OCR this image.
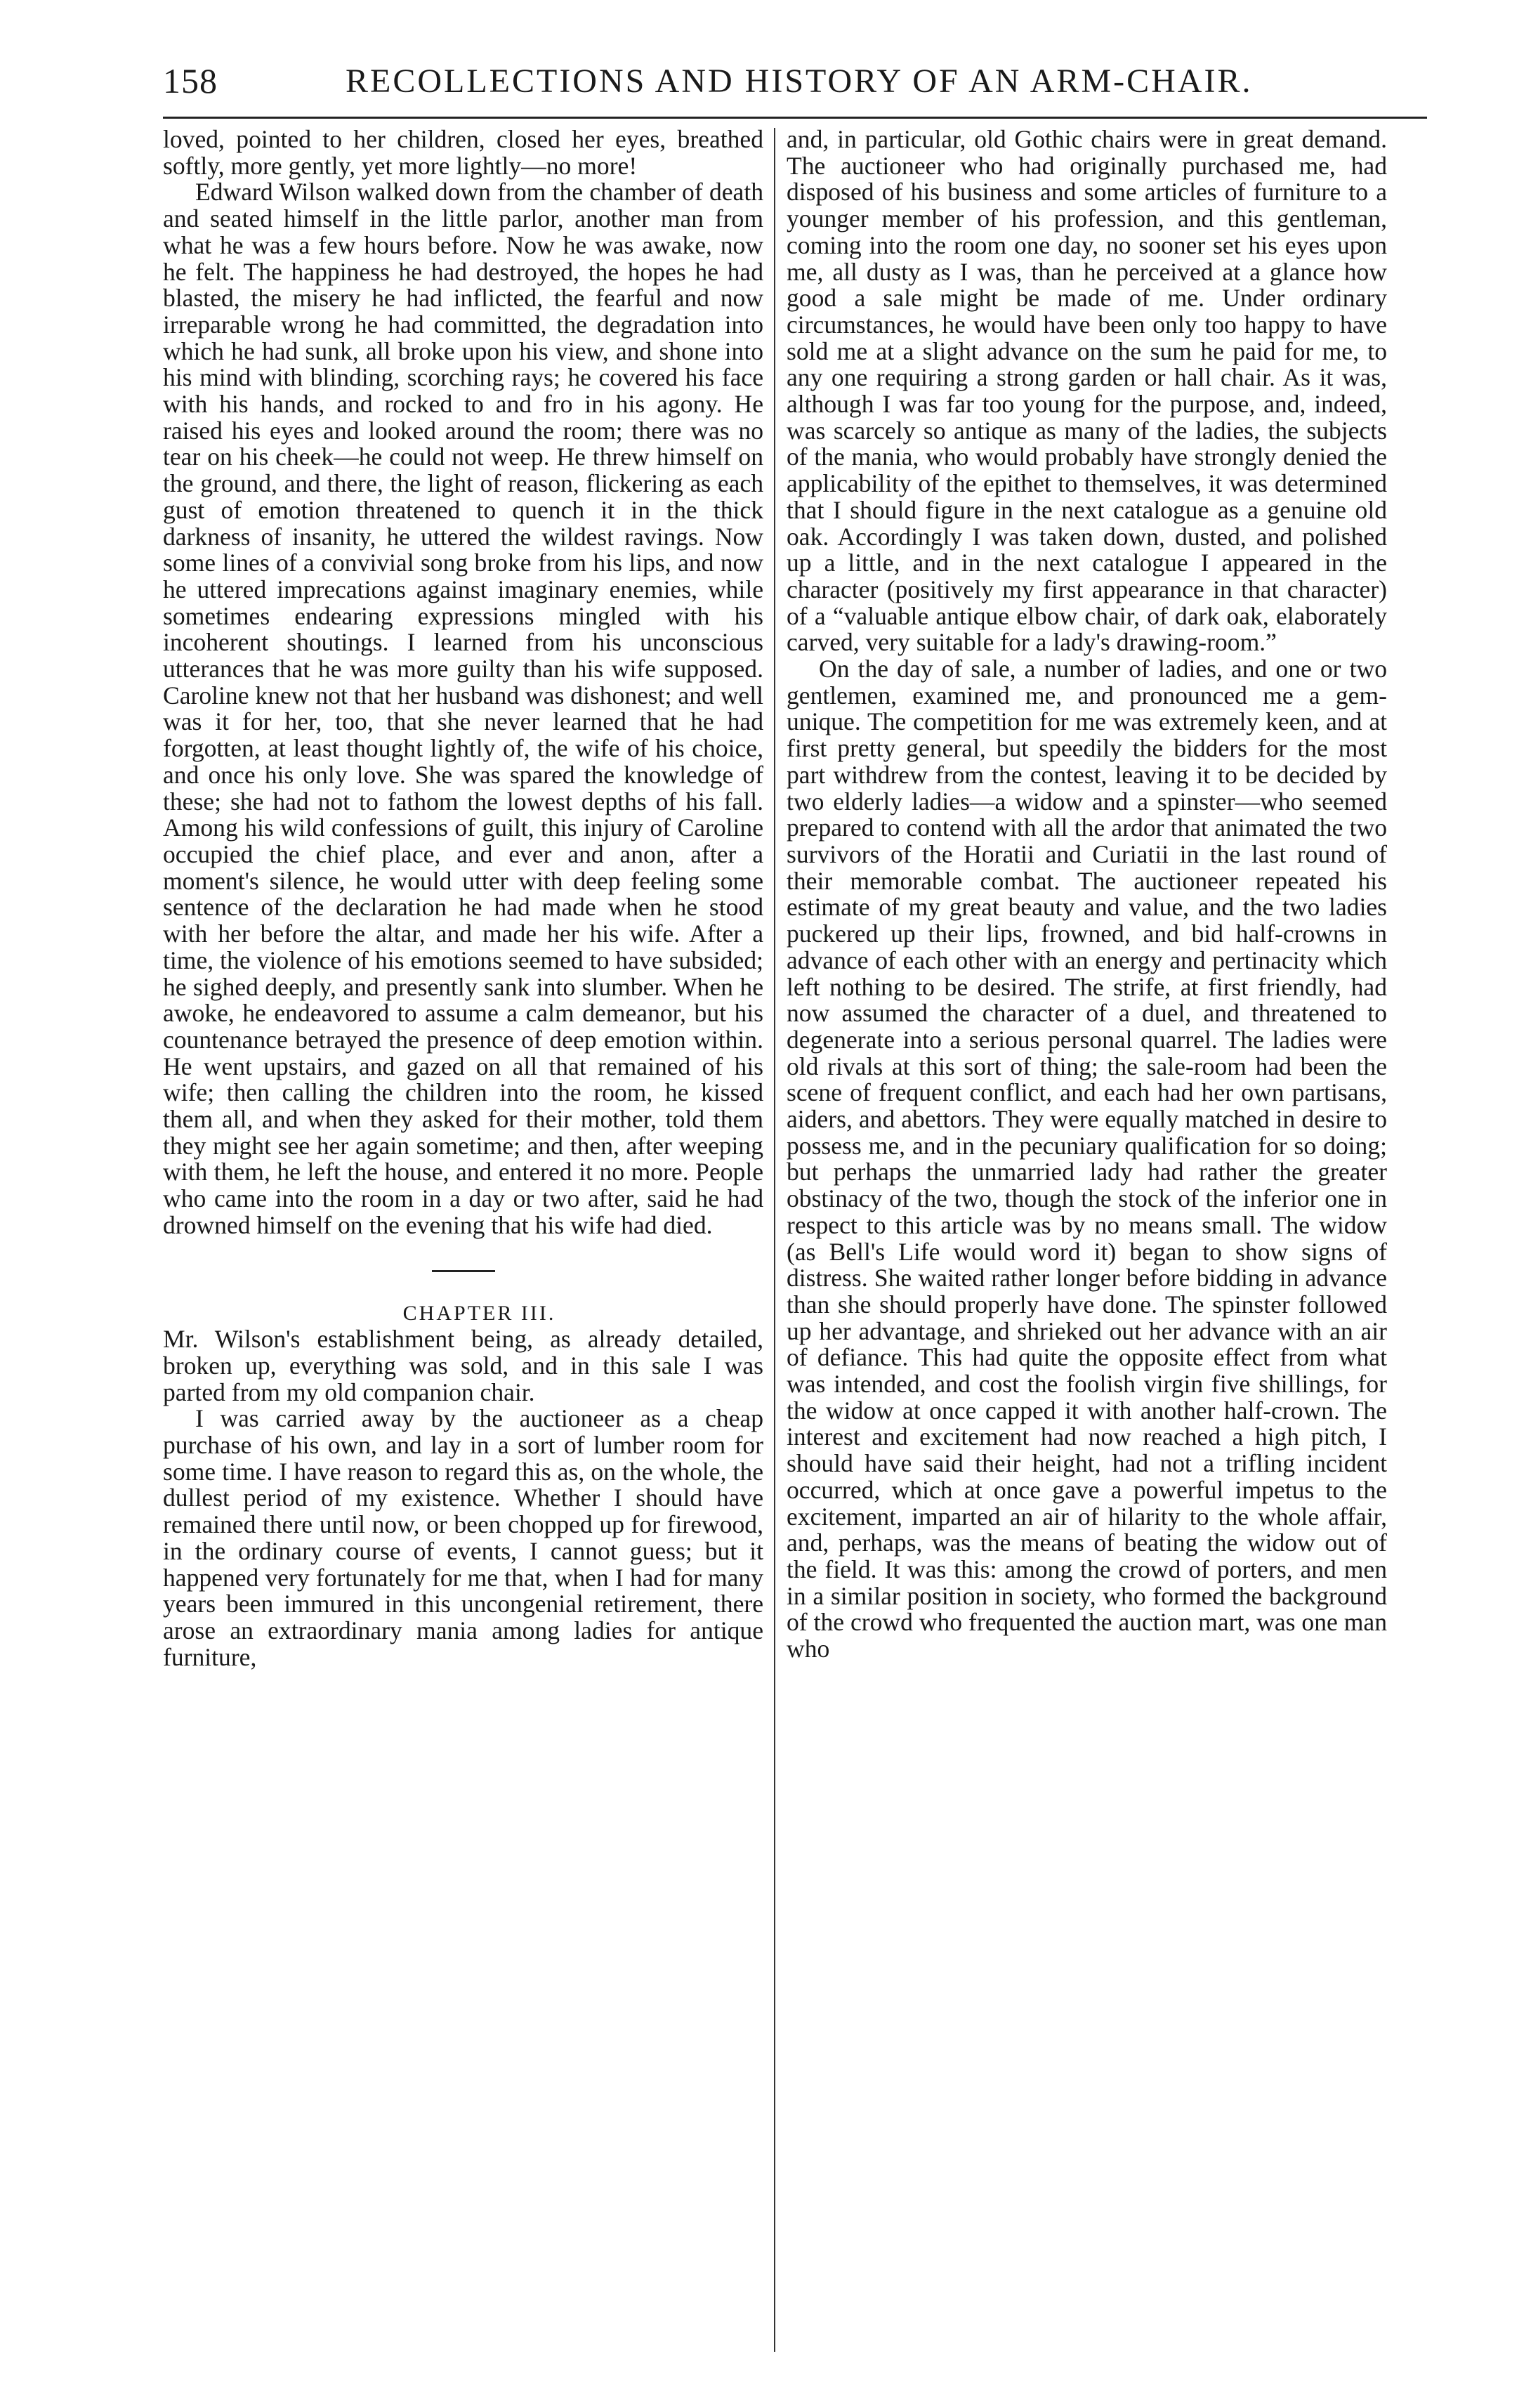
158	RECOLLECTIONS AND HISTORY OF AN ARM-CHAIR.

loved, pointed to her children, closed her eyes, breathed softly, more gently, yet more lightly—no more!

Edward Wilson walked down from the chamber of death and seated himself in the little parlor, another man from what he was a few hours before. Now he was awake, now he felt. The happiness he had destroyed, the hopes he had blasted, the misery he had inflicted, the fearful and now irreparable wrong he had committed, the degradation into which he had sunk, all broke upon his view, and shone into his mind with blinding, scorching rays; he covered his face with his hands, and rocked to and fro in his agony. He raised his eyes and looked around the room; there was no tear on his cheek—he could not weep. He threw himself on the ground, and there, the light of reason, flickering as each gust of emotion threatened to quench it in the thick darkness of insanity, he uttered the wildest ravings. Now some lines of a convivial song broke from his lips, and now he uttered imprecations against imaginary enemies, while sometimes endearing expressions mingled with his incoherent shoutings. I learned from his unconscious utterances that he was more guilty than his wife supposed. Caroline knew not that her husband was dishonest; and well was it for her, too, that she never learned that he had forgotten, at least thought lightly of, the wife of his choice, and once his only love. She was spared the knowledge of these; she had not to fathom the lowest depths of his fall. Among his wild confessions of guilt, this injury of Caroline occupied the chief place, and ever and anon, after a moment's silence, he would utter with deep feeling some sentence of the declaration he had made when he stood with her before the altar, and made her his wife. After a time, the violence of his emotions seemed to have subsided; he sighed deeply, and presently sank into slumber. When he awoke, he endeavored to assume a calm demeanor, but his countenance betrayed the presence of deep emotion within. He went upstairs, and gazed on all that remained of his wife; then calling the children into the room, he kissed them all, and when they asked for their mother, told them they might see her again sometime; and then, after weeping with them, he left the house, and entered it no more. People who came into the room in a day or two after, said he had drowned himself on the evening that his wife had died.

CHAPTER III.

Mr. Wilson's establishment being, as already detailed, broken up, everything was sold, and in this sale I was parted from my old companion chair.

I was carried away by the auctioneer as a cheap purchase of his own, and lay in a sort of lumber room for some time. I have reason to regard this as, on the whole, the dullest period of my existence. Whether I should have remained there until now, or been chopped up for firewood, in the ordinary course of events, I cannot guess; but it happened very fortunately for me that, when I had for many years been immured in this uncongenial retirement, there arose an extraordinary mania among ladies for antique furniture,

and, in particular, old Gothic chairs were in great demand. The auctioneer who had originally purchased me, had disposed of his business and some articles of furniture to a younger member of his profession, and this gentleman, coming into the room one day, no sooner set his eyes upon me, all dusty as I was, than he perceived at a glance how good a sale might be made of me. Under ordinary circumstances, he would have been only too happy to have sold me at a slight advance on the sum he paid for me, to any one requiring a strong garden or hall chair. As it was, although I was far too young for the purpose, and, indeed, was scarcely so antique as many of the ladies, the subjects of the mania, who would probably have strongly denied the applicability of the epithet to themselves, it was determined that I should figure in the next catalogue as a genuine old oak. Accordingly I was taken down, dusted, and polished up a little, and in the next catalogue I appeared in the character (positively my first appearance in that character) of a “valuable antique elbow chair, of dark oak, elaborately carved, very suitable for a lady's drawing-room.”

On the day of sale, a number of ladies, and one or two gentlemen, examined me, and pronounced me a gem-unique. The competition for me was extremely keen, and at first pretty general, but speedily the bidders for the most part withdrew from the contest, leaving it to be decided by two elderly ladies—a widow and a spinster—who seemed prepared to contend with all the ardor that animated the two survivors of the Horatii and Curiatii in the last round of their memorable combat. The auctioneer repeated his estimate of my great beauty and value, and the two ladies puckered up their lips, frowned, and bid half-crowns in advance of each other with an energy and pertinacity which left nothing to be desired. The strife, at first friendly, had now assumed the character of a duel, and threatened to degenerate into a serious personal quarrel. The ladies were old rivals at this sort of thing; the sale-room had been the scene of frequent conflict, and each had her own partisans, aiders, and abettors. They were equally matched in desire to possess me, and in the pecuniary qualification for so doing; but perhaps the unmarried lady had rather the greater obstinacy of the two, though the stock of the inferior one in respect to this article was by no means small. The widow (as Bell's Life would word it) began to show signs of distress. She waited rather longer before bidding in advance than she should properly have done. The spinster followed up her advantage, and shrieked out her advance with an air of defiance. This had quite the opposite effect from what was intended, and cost the foolish virgin five shillings, for the widow at once capped it with another half-crown. The interest and excitement had now reached a high pitch, I should have said their height, had not a trifling incident occurred, which at once gave a powerful impetus to the excitement, imparted an air of hilarity to the whole affair, and, perhaps, was the means of beating the widow out of the field. It was this: among the crowd of porters, and men in a similar position in society, who formed the background of the crowd who frequented the auction mart, was one man who
